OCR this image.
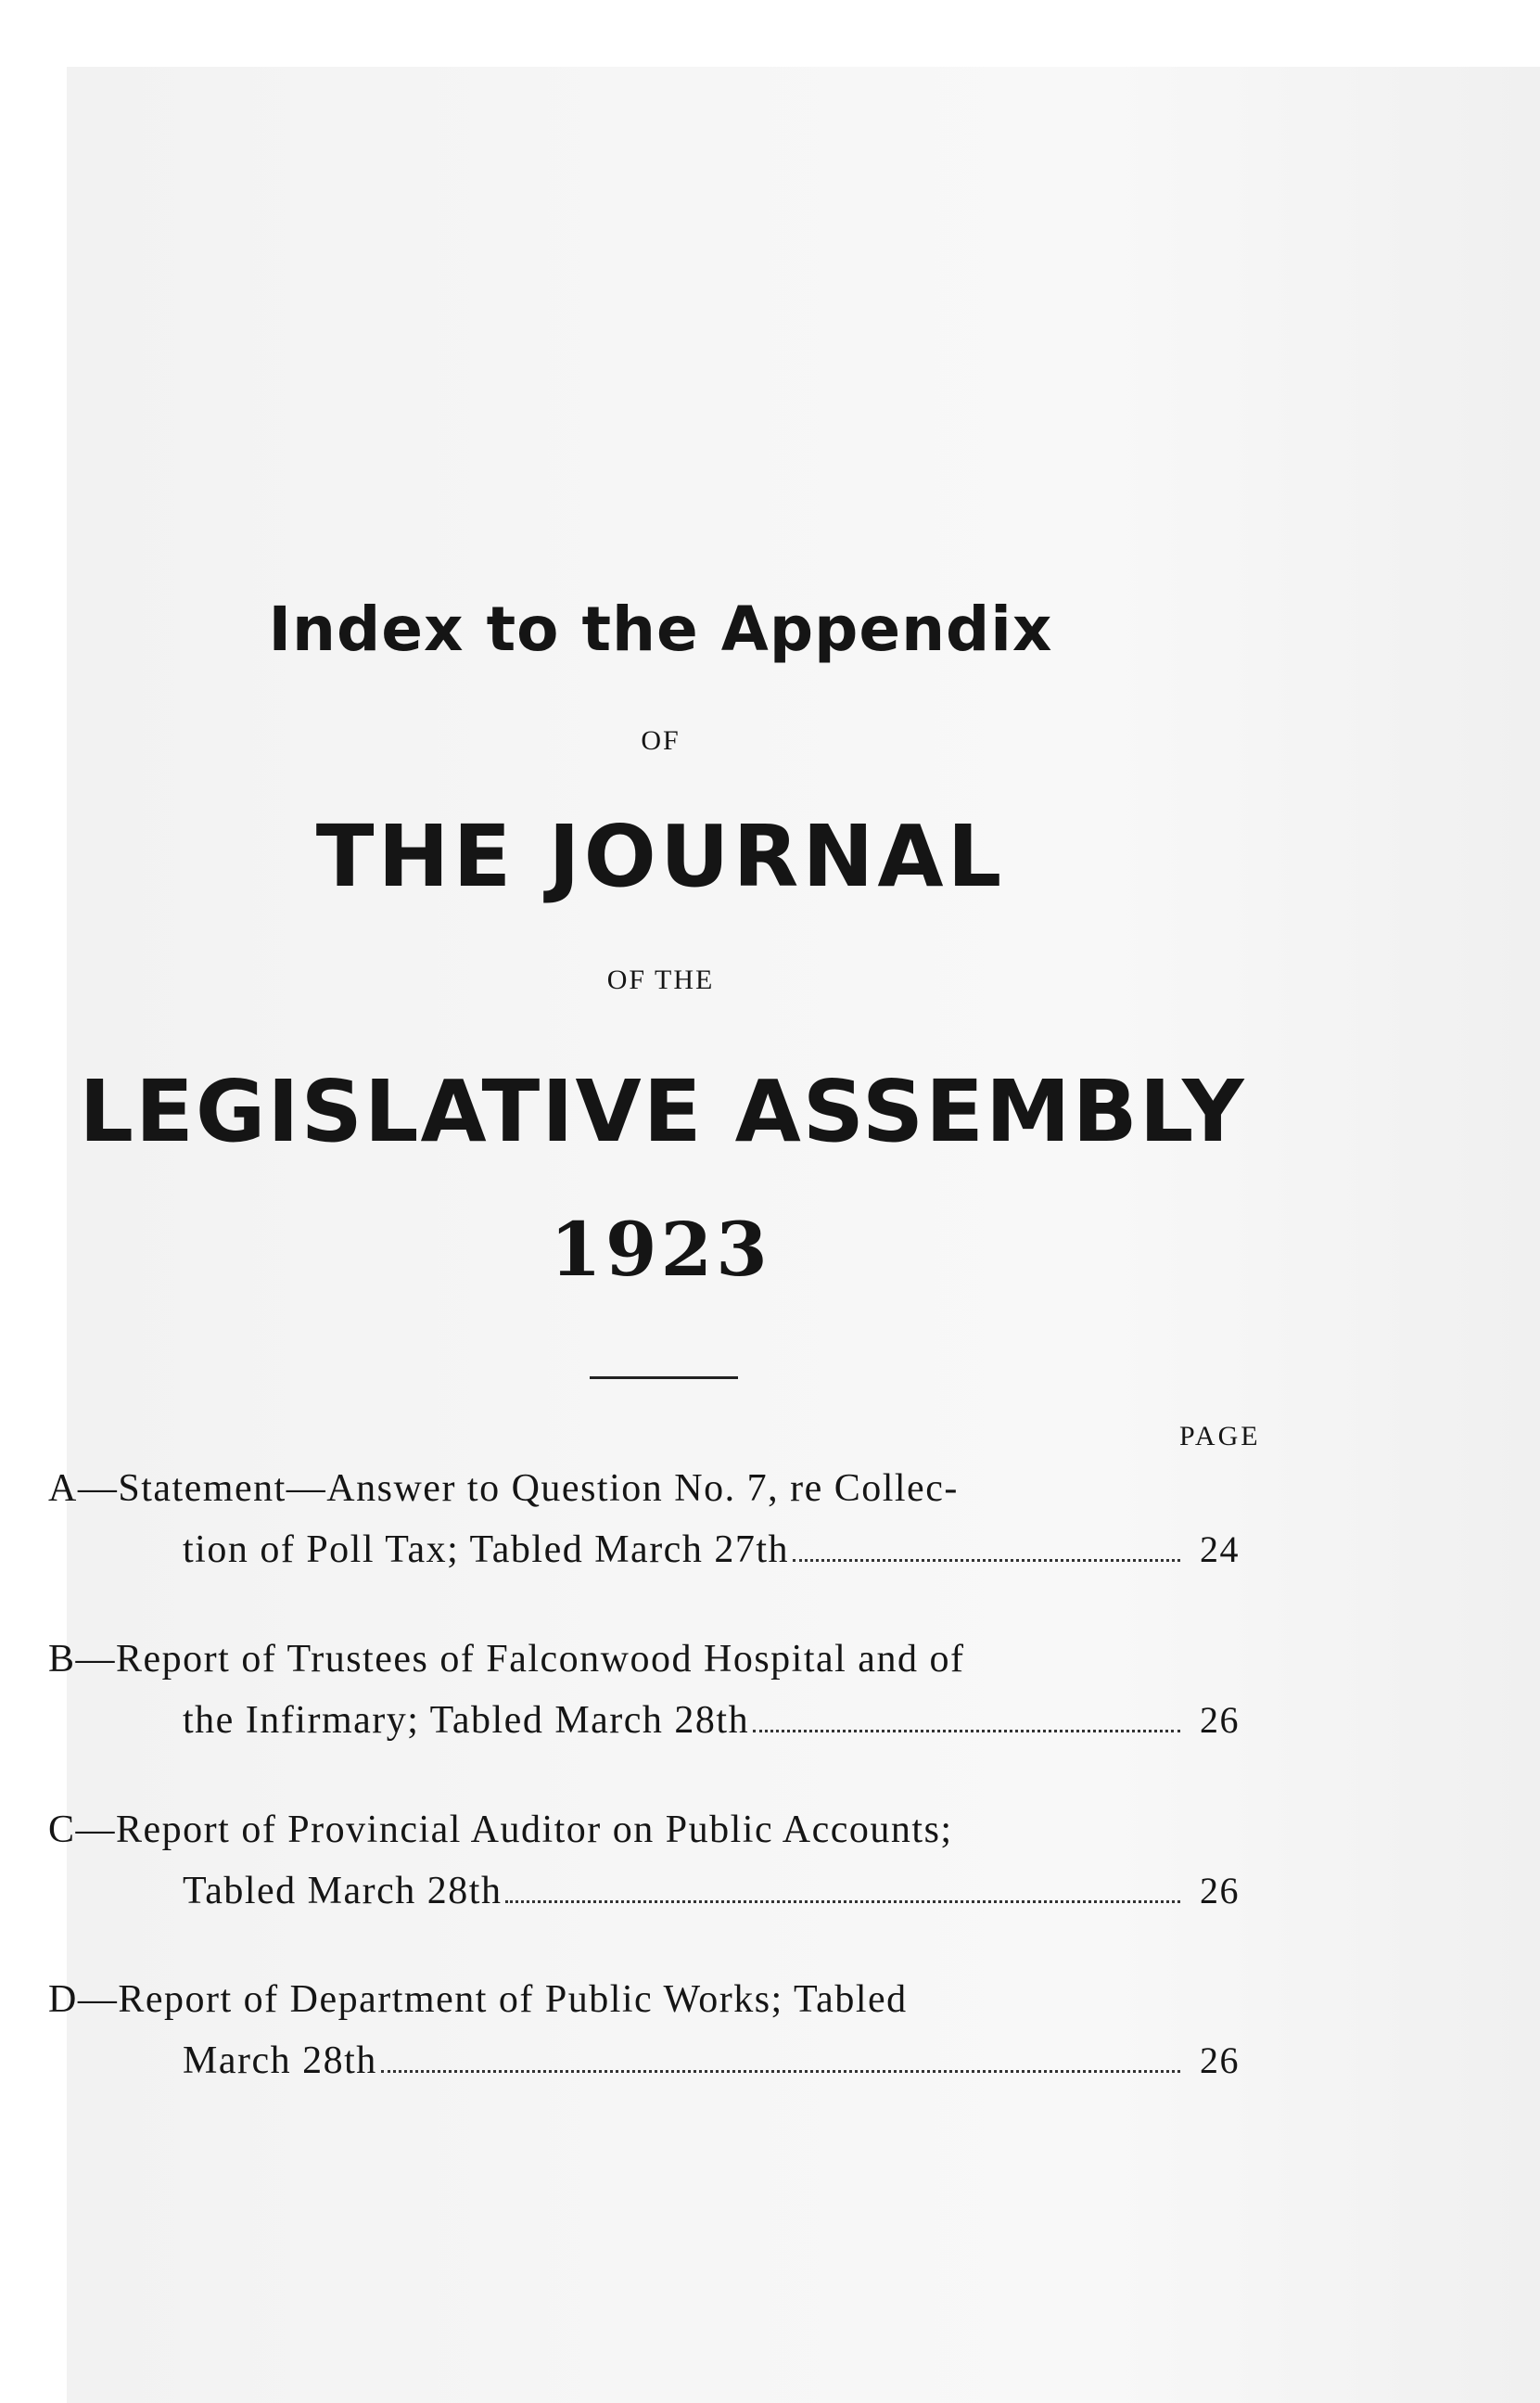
Index to the Appendix
OF
THE JOURNAL
OF THE
LEGISLATIVE ASSEMBLY
1923
PAGE
A—Statement—Answer to Question No. 7, re Collec-
tion of Poll Tax; Tabled March 27th	24
B—Report of Trustees of Falconwood Hospital and of
the Infirmary; Tabled March 28th	26
C—Report of Provincial Auditor on Public Accounts;
Tabled March 28th	26
D—Report of Department of Public Works; Tabled
March 28th	26
